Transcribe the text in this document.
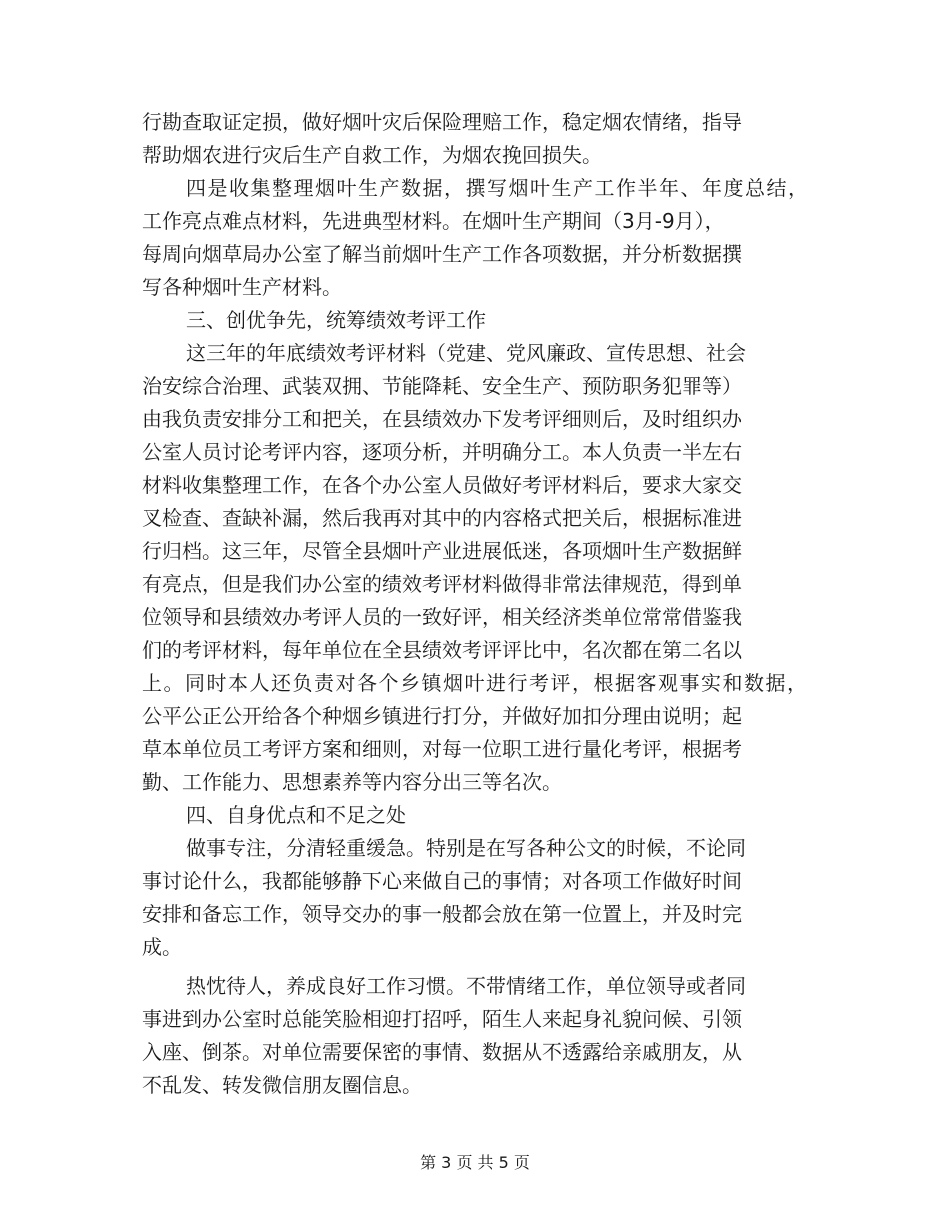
行勘查取证定损，做好烟叶灾后保险理赔工作，稳定烟农情绪，指导
帮助烟农进行灾后生产自救工作，为烟农挽回损失。
四是收集整理烟叶生产数据，撰写烟叶生产工作半年、年度总结，
工作亮点难点材料，先进典型材料。在烟叶生产期间（3月-9月），
每周向烟草局办公室了解当前烟叶生产工作各项数据，并分析数据撰
写各种烟叶生产材料。
三、创优争先，统筹绩效考评工作
这三年的年底绩效考评材料（党建、党风廉政、宣传思想、社会
治安综合治理、武装双拥、节能降耗、安全生产、预防职务犯罪等）
由我负责安排分工和把关，在县绩效办下发考评细则后，及时组织办
公室人员讨论考评内容，逐项分析，并明确分工。本人负责一半左右
材料收集整理工作，在各个办公室人员做好考评材料后，要求大家交
叉检查、查缺补漏，然后我再对其中的内容格式把关后，根据标准进
行归档。这三年，尽管全县烟叶产业进展低迷，各项烟叶生产数据鲜
有亮点，但是我们办公室的绩效考评材料做得非常法律规范，得到单
位领导和县绩效办考评人员的一致好评，相关经济类单位常常借鉴我
们的考评材料，每年单位在全县绩效考评评比中，名次都在第二名以
上。同时本人还负责对各个乡镇烟叶进行考评，根据客观事实和数据，
公平公正公开给各个种烟乡镇进行打分，并做好加扣分理由说明；起
草本单位员工考评方案和细则，对每一位职工进行量化考评，根据考
勤、工作能力、思想素养等内容分出三等名次。
四、自身优点和不足之处
做事专注，分清轻重缓急。特别是在写各种公文的时候，不论同
事讨论什么，我都能够静下心来做自己的事情；对各项工作做好时间
安排和备忘工作，领导交办的事一般都会放在第一位置上，并及时完
成。
热忱待人，养成良好工作习惯。不带情绪工作，单位领导或者同
事进到办公室时总能笑脸相迎打招呼，陌生人来起身礼貌问候、引领
入座、倒茶。对单位需要保密的事情、数据从不透露给亲戚朋友，从
不乱发、转发微信朋友圈信息。
第 3 页 共 5 页
